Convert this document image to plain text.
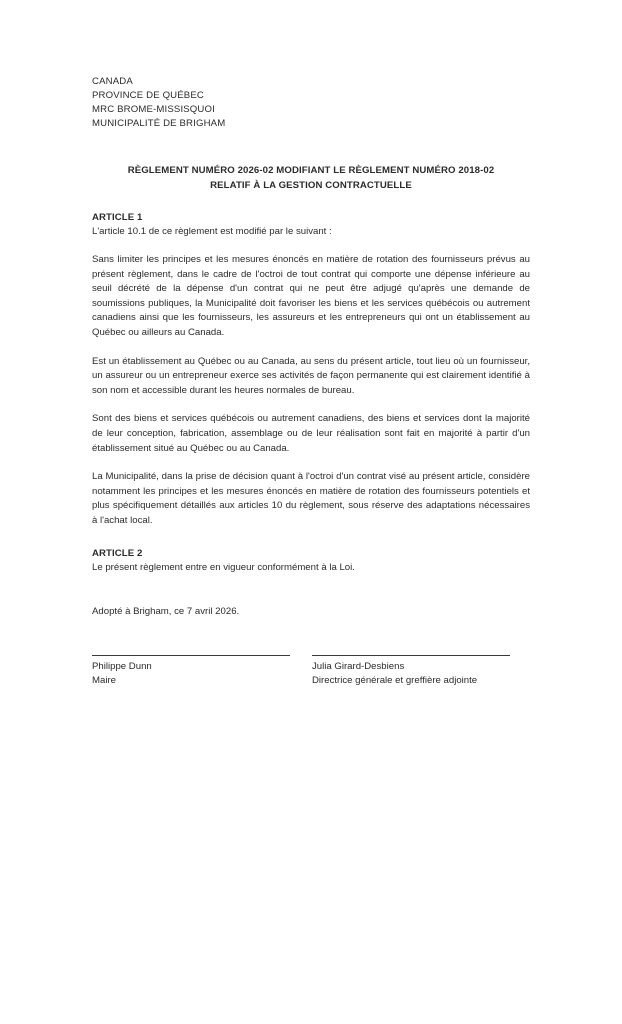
CANADA
PROVINCE DE QUÉBEC
MRC BROME-MISSISQUOI
MUNICIPALITÉ DE BRIGHAM
RÈGLEMENT NUMÉRO 2026-02 MODIFIANT LE RÈGLEMENT NUMÉRO 2018-02
RELATIF À LA GESTION CONTRACTUELLE
ARTICLE 1
L'article 10.1 de ce règlement est modifié par le suivant :

Sans limiter les principes et les mesures énoncés en matière de rotation des fournisseurs prévus au présent règlement, dans le cadre de l'octroi de tout contrat qui comporte une dépense inférieure au seuil décrété de la dépense d'un contrat qui ne peut être adjugé qu'après une demande de soumissions publiques, la Municipalité doit favoriser les biens et les services québécois ou autrement canadiens ainsi que les fournisseurs, les assureurs et les entrepreneurs qui ont un établissement au Québec ou ailleurs au Canada.

Est un établissement au Québec ou au Canada, au sens du présent article, tout lieu où un fournisseur, un assureur ou un entrepreneur exerce ses activités de façon permanente qui est clairement identifié à son nom et accessible durant les heures normales de bureau.

Sont des biens et services québécois ou autrement canadiens, des biens et services dont la majorité de leur conception, fabrication, assemblage ou de leur réalisation sont fait en majorité à partir d'un établissement situé au Québec ou au Canada.

La Municipalité, dans la prise de décision quant à l'octroi d'un contrat visé au présent article, considère notamment les principes et les mesures énoncés en matière de rotation des fournisseurs potentiels et plus spécifiquement détaillés aux articles 10 du règlement, sous réserve des adaptations nécessaires à l'achat local.

ARTICLE 2
Le présent règlement entre en vigueur conformément à la Loi.
Adopté à Brigham, ce 7 avril 2026.
Philippe Dunn
Maire
Julia Girard-Desbiens
Directrice générale et greffière adjointe
